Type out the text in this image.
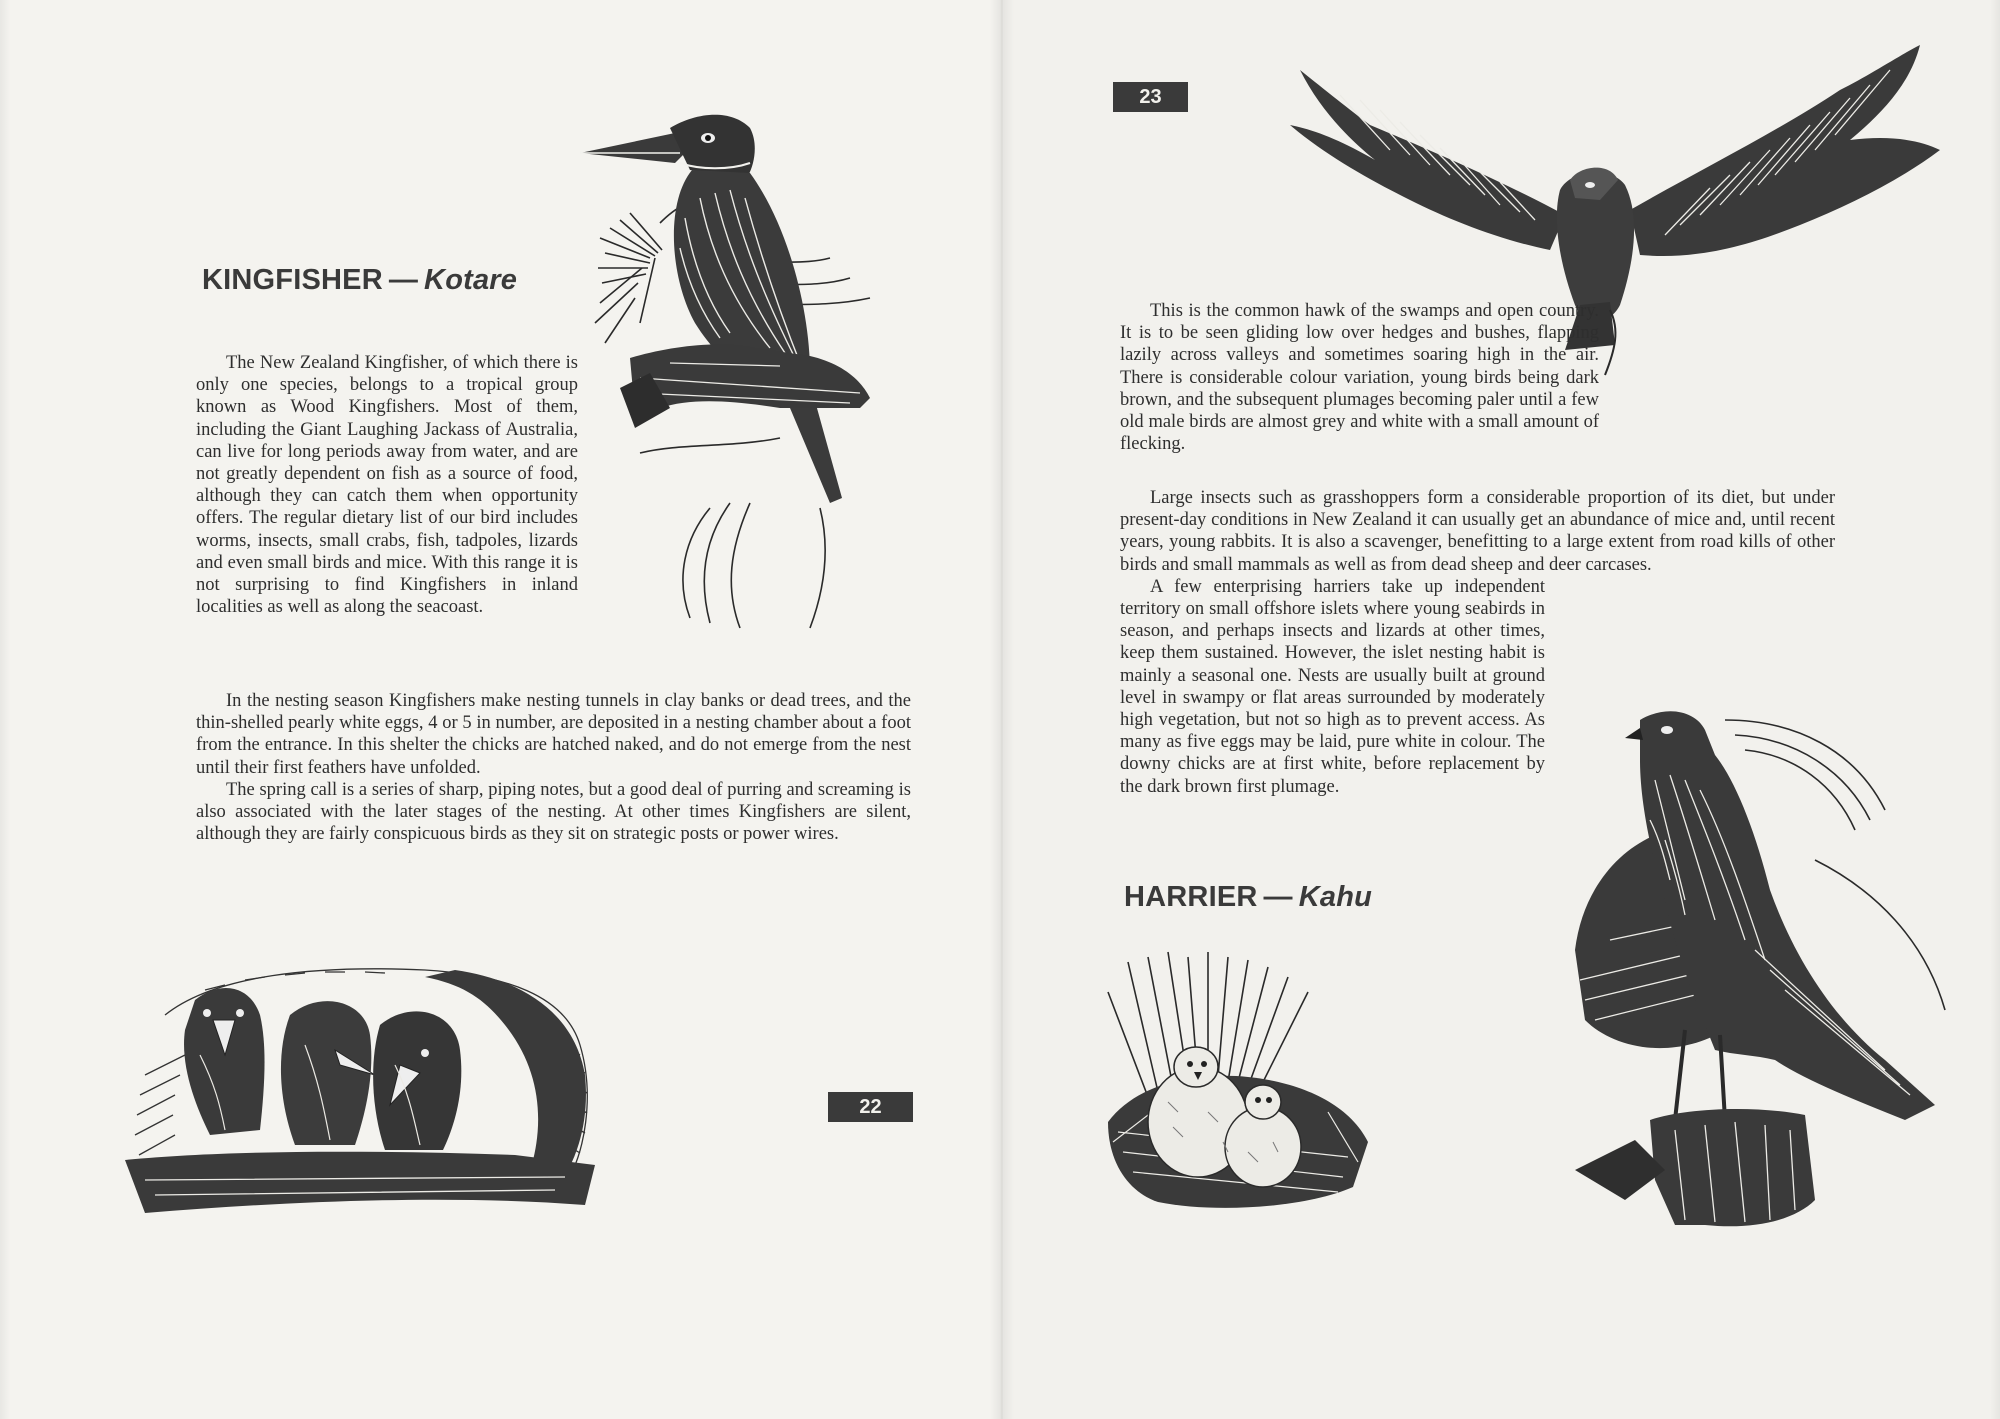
KINGFISHER — Kotare

The New Zealand Kingfisher, of which there is only one species, belongs to a tropical group known as Wood Kingfishers. Most of them, including the Giant Laughing Jackass of Australia, can live for long periods away from water, and are not greatly dependent on fish as a source of food, although they can catch them when opportunity offers. The regular dietary list of our bird includes worms, insects, small crabs, fish, tadpoles, lizards and even small birds and mice. With this range it is not surprising to find Kingfishers in inland localities as well as along the seacoast.

In the nesting season Kingfishers make nesting tunnels in clay banks or dead trees, and the thin-shelled pearly white eggs, 4 or 5 in number, are deposited in a nesting chamber about a foot from the entrance. In this shelter the chicks are hatched naked, and do not emerge from the nest until their first feathers have unfolded.

The spring call is a series of sharp, piping notes, but a good deal of purring and screaming is also associated with the later stages of the nesting. At other times Kingfishers are silent, although they are fairly conspicuous birds as they sit on strategic posts or power wires.

22
23

This is the common hawk of the swamps and open country. It is to be seen gliding low over hedges and bushes, flapping lazily across valleys and sometimes soaring high in the air. There is considerable colour variation, young birds being dark brown, and the subsequent plumages becoming paler until a few old male birds are almost grey and white with a small amount of flecking.

Large insects such as grasshoppers form a considerable proportion of its diet, but under present-day conditions in New Zealand it can usually get an abundance of mice and, until recent years, young rabbits. It is also a scavenger, benefitting to a large extent from road kills of other birds and small mammals as well as from dead sheep and deer carcases.

A few enterprising harriers take up independent territory on small offshore islets where young seabirds in season, and perhaps insects and lizards at other times, keep them sustained. However, the islet nesting habit is mainly a seasonal one. Nests are usually built at ground level in swampy or flat areas surrounded by moderately high vegetation, but not so high as to prevent access. As many as five eggs may be laid, pure white in colour. The downy chicks are at first white, before replacement by the dark brown first plumage.

HARRIER — Kahu
